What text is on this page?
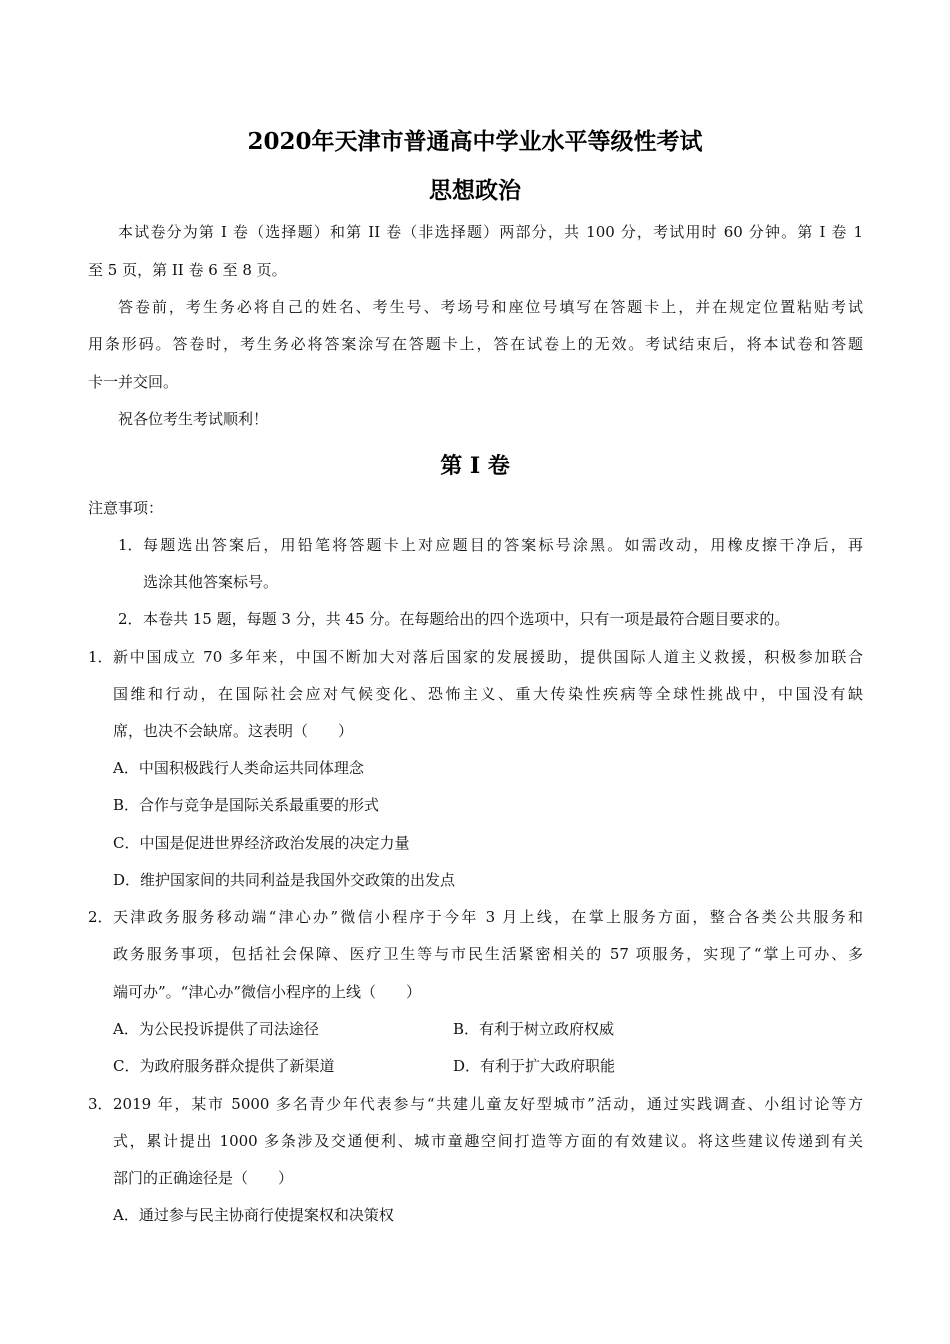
2020年天津市普通高中学业水平等级性考试
思想政治
本试卷分为第 I 卷（选择题）和第 II 卷（非选择题）两部分，共 100 分，考试用时 60 分钟。第 I 卷 1
至 5 页，第 II 卷 6 至 8 页。
答卷前，考生务必将自己的姓名、考生号、考场号和座位号填写在答题卡上，并在规定位置粘贴考试
用条形码。答卷时，考生务必将答案涂写在答题卡上，答在试卷上的无效。考试结束后，将本试卷和答题
卡一并交回。
祝各位考生考试顺利！
第 I 卷
注意事项：
1． 每题选出答案后，用铅笔将答题卡上对应题目的答案标号涂黑。如需改动，用橡皮擦干净后，再
选涂其他答案标号。
2． 本卷共 15 题，每题 3 分，共 45 分。在每题给出的四个选项中，只有一项是最符合题目要求的。
1． 新中国成立 70 多年来，中国不断加大对落后国家的发展援助，提供国际人道主义救援，积极参加联合
国维和行动，在国际社会应对气候变化、恐怖主义、重大传染性疾病等全球性挑战中，中国没有缺
席，也决不会缺席。这表明（　　）
A．中国积极践行人类命运共同体理念
B．合作与竞争是国际关系最重要的形式
C．中国是促进世界经济政治发展的决定力量
D．维护国家间的共同利益是我国外交政策的出发点
2． 天津政务服务移动端“津心办”微信小程序于今年 3 月上线，在掌上服务方面，整合各类公共服务和
政务服务事项，包括社会保障、医疗卫生等与市民生活紧密相关的 57 项服务，实现了“掌上可办、多
端可办”。“津心办”微信小程序的上线（　　）
A．为公民投诉提供了司法途径	B．有利于树立政府权威
C．为政府服务群众提供了新渠道	D．有利于扩大政府职能
3． 2019 年，某市 5000 多名青少年代表参与“共建儿童友好型城市”活动，通过实践调查、小组讨论等方
式，累计提出 1000 多条涉及交通便利、城市童趣空间打造等方面的有效建议。将这些建议传递到有关
部门的正确途径是（　　）
A．通过参与民主协商行使提案权和决策权
